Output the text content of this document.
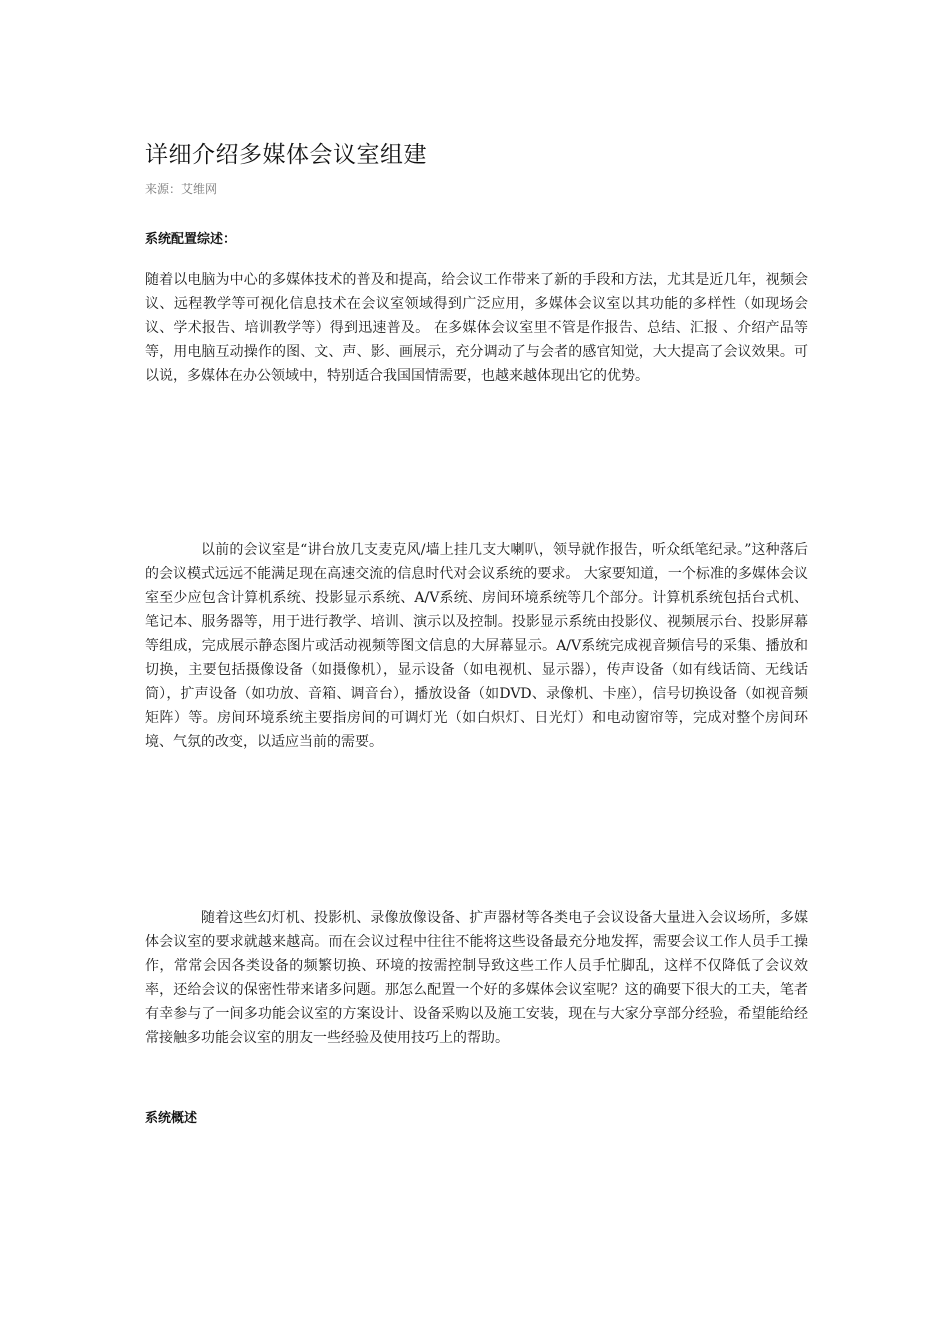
详细介绍多媒体会议室组建
来源：艾维网
系统配置综述：
随着以电脑为中心的多媒体技术的普及和提高，给会议工作带来了新的手段和方法，尤其是近几年，视频会议、远程教学等可视化信息技术在会议室领域得到广泛应用，多媒体会议室以其功能的多样性（如现场会议、学术报告、培训教学等）得到迅速普及。 在多媒体会议室里不管是作报告、总结、汇报 、介绍产品等等，用电脑互动操作的图、文、声、影、画展示，充分调动了与会者的感官知觉，大大提高了会议效果。可以说，多媒体在办公领域中，特别适合我国国情需要，也越来越体现出它的优势。
以前的会议室是“讲台放几支麦克风/墙上挂几支大喇叭，领导就作报告，听众纸笔纪录。”这种落后的会议模式远远不能满足现在高速交流的信息时代对会议系统的要求。 大家要知道，一个标准的多媒体会议室至少应包含计算机系统、投影显示系统、A/V系统、房间环境系统等几个部分。计算机系统包括台式机、笔记本、服务器等，用于进行教学、培训、演示以及控制。投影显示系统由投影仪、视频展示台、投影屏幕等组成，完成展示静态图片或活动视频等图文信息的大屏幕显示。A/V系统完成视音频信号的采集、播放和切换，主要包括摄像设备（如摄像机），显示设备（如电视机、显示器），传声设备（如有线话筒、无线话筒），扩声设备（如功放、音箱、调音台），播放设备（如DVD、录像机、卡座），信号切换设备（如视音频矩阵）等。房间环境系统主要指房间的可调灯光（如白炽灯、日光灯）和电动窗帘等，完成对整个房间环境、气氛的改变，以适应当前的需要。
随着这些幻灯机、投影机、录像放像设备、扩声器材等各类电子会议设备大量进入会议场所，多媒体会议室的要求就越来越高。而在会议过程中往往不能将这些设备最充分地发挥，需要会议工作人员手工操作，常常会因各类设备的频繁切换、环境的按需控制导致这些工作人员手忙脚乱，这样不仅降低了会议效率，还给会议的保密性带来诸多问题。那怎么配置一个好的多媒体会议室呢？这的确要下很大的工夫，笔者有幸参与了一间多功能会议室的方案设计、设备采购以及施工安装，现在与大家分享部分经验，希望能给经常接触多功能会议室的朋友一些经验及使用技巧上的帮助。
系统概述
